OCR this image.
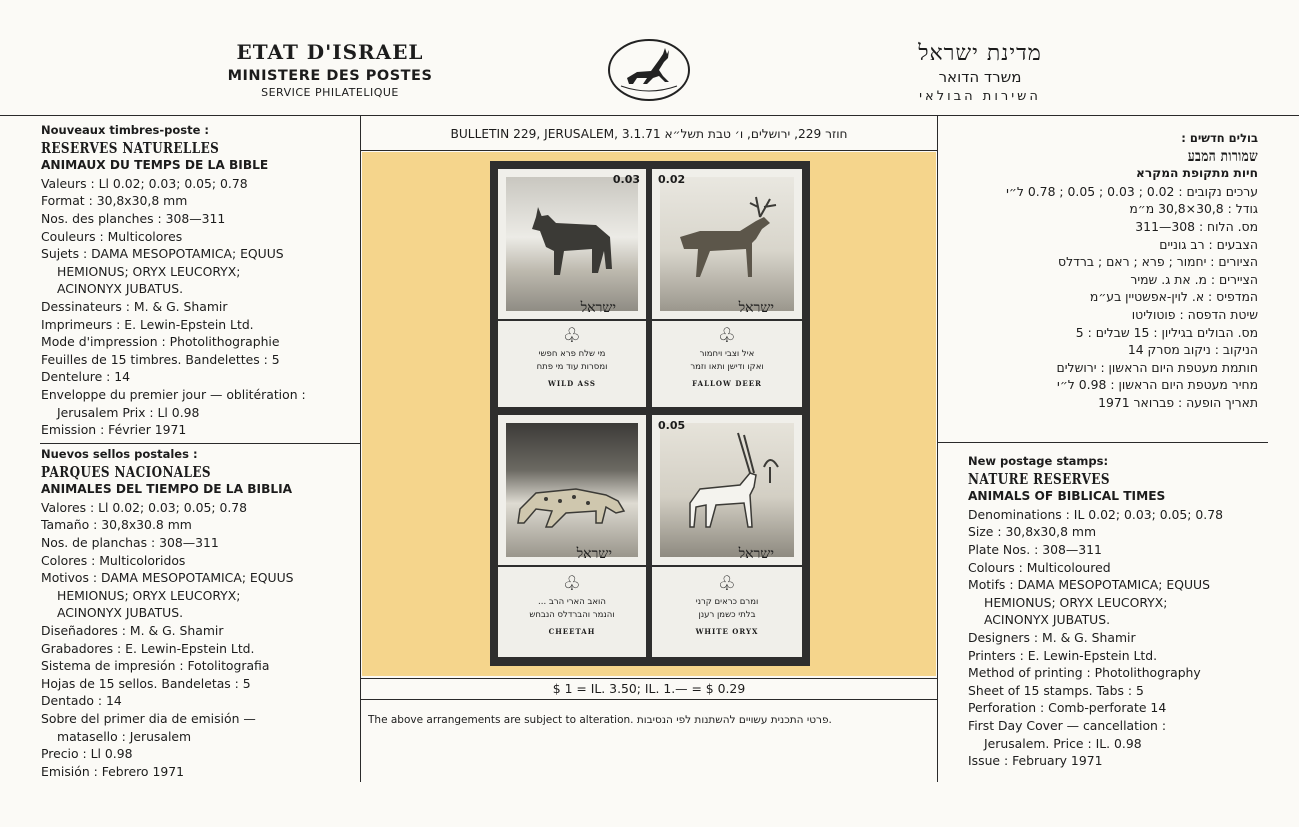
ETAT D'ISRAEL
MINISTERE DES POSTES
SERVICE PHILATELIQUE
מדינת ישראל
משרד הדואר
השירות הבולאי
Nouveaux timbres-poste :
RESERVES NATURELLES
ANIMAUX DU TEMPS DE LA BIBLE
Valeurs : Ll 0.02; 0.03; 0.05; 0.78
Format : 30,8x30,8 mm
Nos. des planches : 308—311
Couleurs : Multicolores
Sujets : DAMA MESOPOTAMICA; EQUUS
HEMIONUS; ORYX LEUCORYX;
ACINONYX JUBATUS.
Dessinateurs : M. & G. Shamir
Imprimeurs : E. Lewin-Epstein Ltd.
Mode d'impression : Photolithographie
Feuilles de 15 timbres. Bandelettes : 5
Dentelure : 14
Enveloppe du premier jour — oblitération :
Jerusalem Prix : Ll 0.98
Emission : Février 1971
Nuevos sellos postales :
PARQUES NACIONALES
ANIMALES DEL TIEMPO DE LA BIBLIA
Valores : Ll 0.02; 0.03; 0.05; 0.78
Tamaño : 30,8x30.8 mm
Nos. de planchas : 308—311
Colores : Multicoloridos
Motivos : DAMA MESOPOTAMICA; EQUUS
HEMIONUS; ORYX LEUCORYX;
ACINONYX JUBATUS.
Diseñadores : M. & G. Shamir
Grabadores : E. Lewin-Epstein Ltd.
Sistema de impresión : Fotolitografia
Hojas de 15 sellos. Bandeletas : 5
Dentado : 14
Sobre del primer dia de emisión —
matasello : Jerusalem
Precio : Ll 0.98
Emisión : Febrero 1971
בולים חדשים :
שמורות המבע
חיות מתקופת המקרא
ערכים נקובים : 0.02 ; 0.03 ; 0.05 ; 0.78 ל״י
גודל : 30,8×30,8 מ״מ
מס. הלוח : 308—311
הצבעים : רב גוניים
הציורים : יחמור ; פרא ; ראם ; ברדלס
הציירים : מ. את ג. שמיר
המדפיס : א. לוין-אפשטיין בע״מ
שיטת הדפסה : פוטוליטו
מס. הבולים בגיליון : 15 שבלים : 5
הניקוב : ניקוב מסרק 14
חותמת מעטפת היום הראשון : ירושלים
מחיר מעטפת היום הראשון : 0.98 ל״י
תאריך הופעה : פברואר 1971
New postage stamps:
NATURE RESERVES
ANIMALS OF BIBLICAL TIMES
Denominations : IL 0.02; 0.03; 0.05; 0.78
Size : 30,8x30,8 mm
Plate Nos. : 308—311
Colours : Multicoloured
Motifs : DAMA MESOPOTAMICA; EQUUS
HEMIONUS; ORYX LEUCORYX;
ACINONYX JUBATUS.
Designers : M. & G. Shamir
Printers : E. Lewin-Epstein Ltd.
Method of printing : Photolithography
Sheet of 15 stamps. Tabs : 5
Perforation : Comb-perforate 14
First Day Cover — cancellation :
Jerusalem. Price : IL. 0.98
Issue : February 1971
BULLETIN 229, JERUSALEM, 3.1.71 חוזר 229, ירושלים, ו׳ טבת תשל״א
0.03
ישראל
♧
מי שלח פרא חפשי
ומסרות עוד מי פתח
WILD ASS
0.02
ישראל
♧
איל וצבי ויחמור
ואקו ודישן ותאו וזמר
FALLOW DEER
ישראל
♧
הואב הארי הרב ...
והנמר והברדלס הנבחש
CHEETAH
0.05
ישראל
♧
ומרם כראים קרני
בלתי כשמן רענן
WHITE ORYX
$ 1 = IL. 3.50; IL. 1.— = $ 0.29
The above arrangements are subject to alteration. פרטי התכנית עשויים להשתנות לפי הנסיבות.
